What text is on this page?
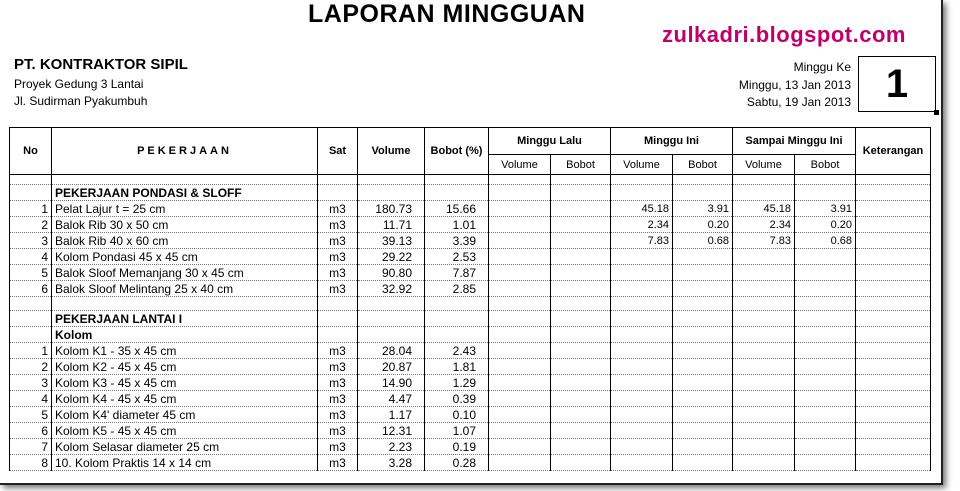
LAPORAN MINGGUAN
zulkadri.blogspot.com
PT. KONTRAKTOR SIPIL
Proyek Gedung 3 Lantai
Jl. Sudirman Pyakumbuh
Minggu Ke
Minggu, 13 Jan 2013
Sabtu, 19 Jan 2013 1
No	PEKERJAAN	Sat	Volume	Bobot (%)	Minggu Lalu		Minggu Ini		Sampai Minggu Ini		Keterangan
					Volume	Bobot	Volume	Bobot	Volume	Bobot	

	PEKERJAAN PONDASI & SLOFF										
1	Pelat Lajur t = 25 cm	m3	180.73	15.66			45.18	3.91	45.18	3.91	
2	Balok Rib 30 x 50 cm	m3	11.71	1.01			2.34	0.20	2.34	0.20	
3	Balok Rib 40 x 60 cm	m3	39.13	3.39			7.83	0.68	7.83	0.68	
4	Kolom Pondasi 45 x 45 cm	m3	29.22	2.53							
5	Balok Sloof Memanjang 30 x 45 cm	m3	90.80	7.87							
6	Balok Sloof Melintang 25 x 40 cm	m3	32.92	2.85							

	PEKERJAAN LANTAI I										
	Kolom										
1	Kolom K1 - 35 x 45 cm	m3	28.04	2.43							
2	Kolom K2 - 45 x 45 cm	m3	20.87	1.81							
3	Kolom K3 - 45 x 45 cm	m3	14.90	1.29							
4	Kolom K4 - 45 x 45 cm	m3	4.47	0.39							
5	Kolom K4' diameter 45 cm	m3	1.17	0.10							
6	Kolom K5 - 45 x 45 cm	m3	12.31	1.07							
7	Kolom Selasar diameter 25 cm	m3	2.23	0.19							
8	10. Kolom Praktis 14 x 14 cm	m3	3.28	0.28							
